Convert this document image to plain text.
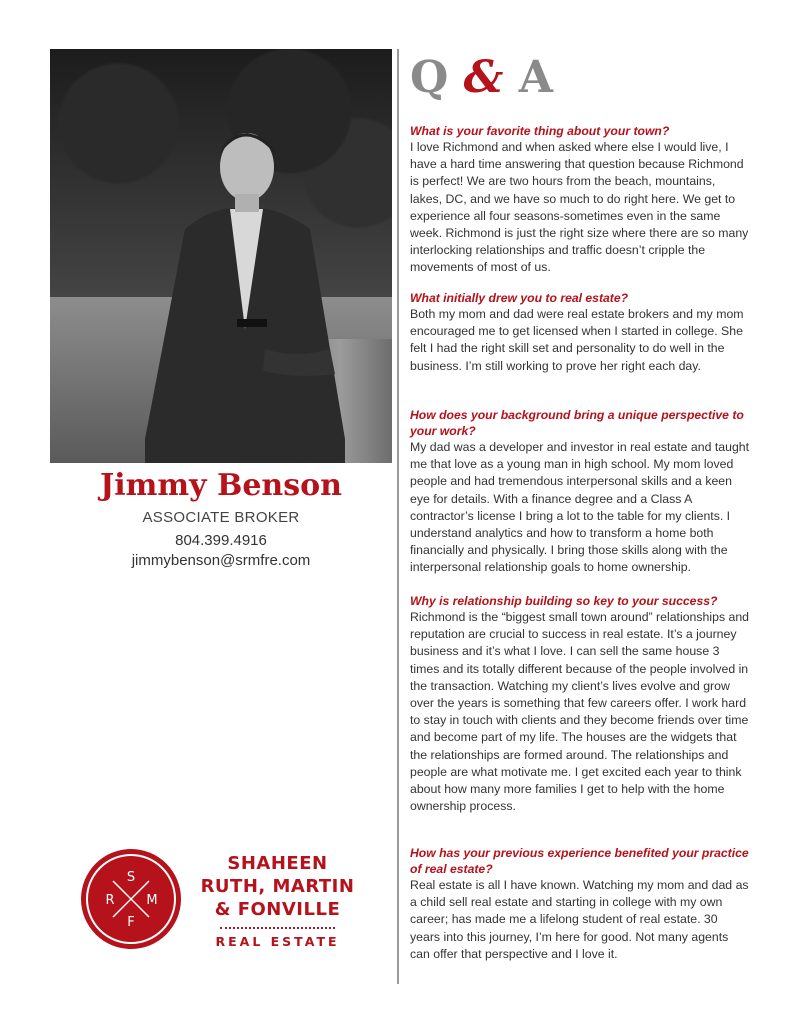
Jimmy Benson
ASSOCIATE BROKER
804.399.4916
jimmybenson@srmfre.com
S
R M
F
SHAHEEN
RUTH, MARTIN
& FONVILLE
REAL ESTATE
Q & A
What is your favorite thing about your town?
I love Richmond and when asked where else I would live, I have a hard time answering that question because Richmond is perfect! We are two hours from the beach, mountains, lakes, DC, and we have so much to do right here. We get to experience all four seasons-sometimes even in the same week. Richmond is just the right size where there are so many interlocking relationships and traffic doesn’t cripple the movements of most of us.
What initially drew you to real estate?
Both my mom and dad were real estate brokers and my mom encouraged me to get licensed when I started in college. She felt I had the right skill set and personality to do well in the business. I’m still working to prove her right each day.
How does your background bring a unique perspective to your work?
My dad was a developer and investor in real estate and taught me that love as a young man in high school. My mom loved people and had tremendous interpersonal skills and a keen eye for details. With a finance degree and a Class A contractor’s license I bring a lot to the table for my clients. I understand analytics and how to transform a home both financially and physically. I bring those skills along with the interpersonal relationship goals to home ownership.
Why is relationship building so key to your success?
Richmond is the “biggest small town around” relationships and reputation are crucial to success in real estate. It’s a journey business and it’s what I love. I can sell the same house 3 times and its totally different because of the people involved in the transaction. Watching my client’s lives evolve and grow over the years is something that few careers offer. I work hard to stay in touch with clients and they become friends over time and become part of my life. The houses are the widgets that the relationships are formed around. The relationships and people are what motivate me. I get excited each year to think about how many more families I get to help with the home ownership process.
How has your previous experience benefited your practice of real estate?
Real estate is all I have known. Watching my mom and dad as a child sell real estate and starting in college with my own career; has made me a lifelong student of real estate. 30 years into this journey, I’m here for good. Not many agents can offer that perspective and I love it.
